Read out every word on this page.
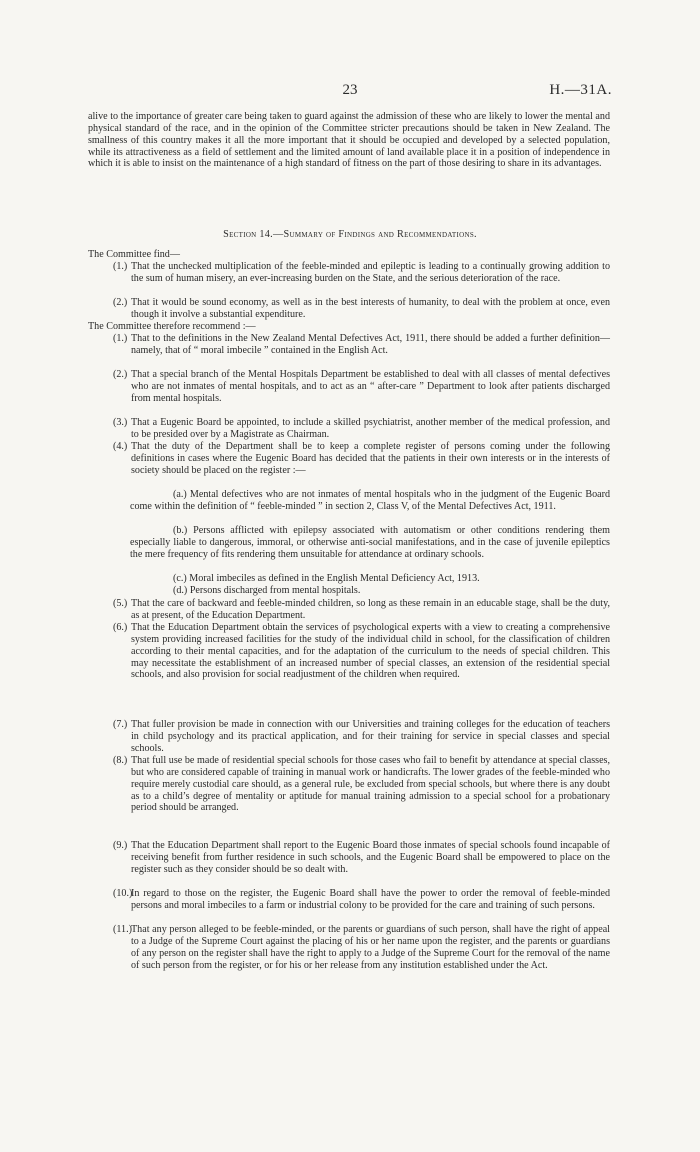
23	H.—31A.

alive to the importance of greater care being taken to guard against the admission of these who are likely to lower the mental and physical standard of the race, and in the opinion of the Committee stricter precautions should be taken in New Zealand. The smallness of this country makes it all the more important that it should be occupied and developed by a selected population, while its attractiveness as a field of settlement and the limited amount of land available place it in a position of independence in which it is able to insist on the maintenance of a high standard of fitness on the part of those desiring to share in its advantages.

Section 14.—Summary of Findings and Recommendations.

The Committee find—

(1.) That the unchecked multiplication of the feeble-minded and epileptic is leading to a continually growing addition to the sum of human misery, an ever-increasing burden on the State, and the serious deterioration of the race.
(2.) That it would be sound economy, as well as in the best interests of humanity, to deal with the problem at once, even though it involve a substantial expenditure.

The Committee therefore recommend :—

(1.) That to the definitions in the New Zealand Mental Defectives Act, 1911, there should be added a further definition—namely, that of “ moral imbecile ” contained in the English Act.
(2.) That a special branch of the Mental Hospitals Department be established to deal with all classes of mental defectives who are not inmates of mental hospitals, and to act as an “ after-care ” Department to look after patients discharged from mental hospitals.
(3.) That a Eugenic Board be appointed, to include a skilled psychiatrist, another member of the medical profession, and to be presided over by a Magistrate as Chairman.
(4.) That the duty of the Department shall be to keep a complete register of persons coming under the following definitions in cases where the Eugenic Board has decided that the patients in their own interests or in the interests of society should be placed on the register :—

(a.) Mental defectives who are not inmates of mental hospitals who in the judgment of the Eugenic Board come within the definition of “ feeble-minded ” in section 2, Class V, of the Mental Defectives Act, 1911.

(b.) Persons afflicted with epilepsy associated with automatism or other conditions rendering them especially liable to dangerous, immoral, or otherwise anti-social manifestations, and in the case of juvenile epileptics the mere frequency of fits rendering them unsuitable for attendance at ordinary schools.

(c.) Moral imbeciles as defined in the English Mental Deficiency Act, 1913.

(d.) Persons discharged from mental hospitals.

(5.) That the care of backward and feeble-minded children, so long as these remain in an educable stage, shall be the duty, as at present, of the Education Department.
(6.) That the Education Department obtain the services of psychological experts with a view to creating a comprehensive system providing increased facilities for the study of the individual child in school, for the classification of children according to their mental capacities, and for the adaptation of the curriculum to the needs of special children. This may necessitate the establishment of an increased number of special classes, an extension of the residential special schools, and also provision for social readjustment of the children when required.
(7.) That fuller provision be made in connection with our Universities and training colleges for the education of teachers in child psychology and its practical application, and for their training for service in special classes and special schools.
(8.) That full use be made of residential special schools for those cases who fail to benefit by attendance at special classes, but who are considered capable of training in manual work or handicrafts. The lower grades of the feeble-minded who require merely custodial care should, as a general rule, be excluded from special schools, but where there is any doubt as to a child’s degree of mentality or aptitude for manual training admission to a special school for a probationary period should be arranged.
(9.) That the Education Department shall report to the Eugenic Board those inmates of special schools found incapable of receiving benefit from further residence in such schools, and the Eugenic Board shall be empowered to place on the register such as they consider should be so dealt with.
(10.)
In regard to those on the register, the Eugenic Board shall have the power to order the removal of feeble-minded persons and moral imbeciles to a farm or industrial colony to be provided for the care and training of such persons.
(11.) That any person alleged to be feeble-minded, or the parents or guardians of such person, shall have the right of appeal to a Judge of the Supreme Court against the placing of his or her name upon the register, and the parents or guardians of any person on the register shall have the right to apply to a Judge of the Supreme Court for the removal of the name of such person from the register, or for his or her release from any institution established under the Act.
